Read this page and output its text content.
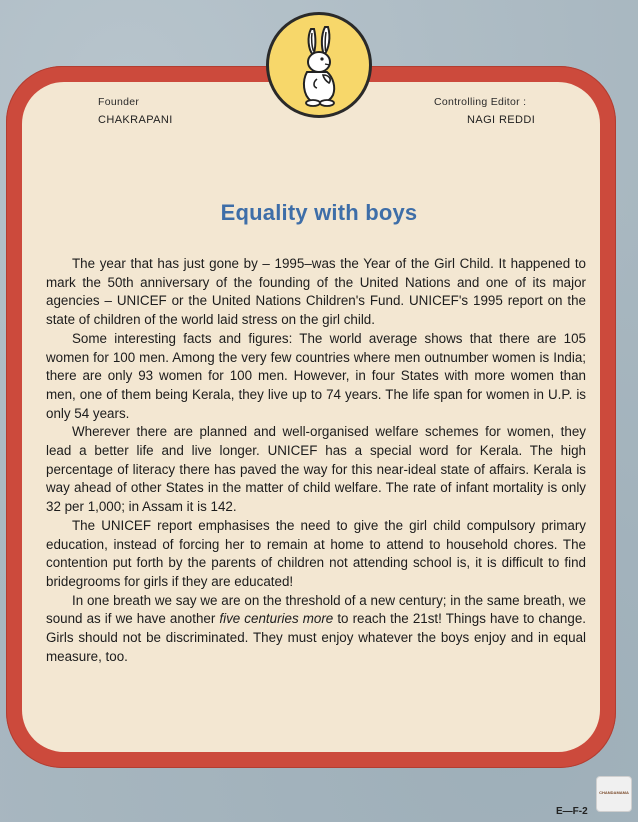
Founder
CHAKRAPANI
Controlling Editor :
NAGI REDDI
Equality with boys

The year that has just gone by – 1995–was the Year of the Girl Child. It happened to mark the 50th anniversary of the founding of the United Nations and one of its major agencies – UNICEF or the United Nations Children's Fund. UNICEF's 1995 report on the state of children of the world laid stress on the girl child.

Some interesting facts and figures: The world average shows that there are 105 women for 100 men. Among the very few countries where men outnumber women is India; there are only 93 women for 100 men. However, in four States with more women than men, one of them being Kerala, they live up to 74 years. The life span for women in U.P. is only 54 years.

Wherever there are planned and well-organised welfare schemes for women, they lead a better life and live longer. UNICEF has a special word for Kerala. The high percentage of literacy there has paved the way for this near-ideal state of affairs. Kerala is way ahead of other States in the matter of child welfare. The rate of infant mortality is only 32 per 1,000; in Assam it is 142.

The UNICEF report emphasises the need to give the girl child compulsory primary education, instead of forcing her to remain at home to attend to household chores. The contention put forth by the parents of children not attending school is, it is difficult to find bridegrooms for girls if they are educated!

In one breath we say we are on the threshold of a new century; in the same breath, we sound as if we have another five centuries more to reach the 21st! Things have to change. Girls should not be discriminated. They must enjoy whatever the boys enjoy and in equal measure, too.

CHANDAMAMA
E—F-2
